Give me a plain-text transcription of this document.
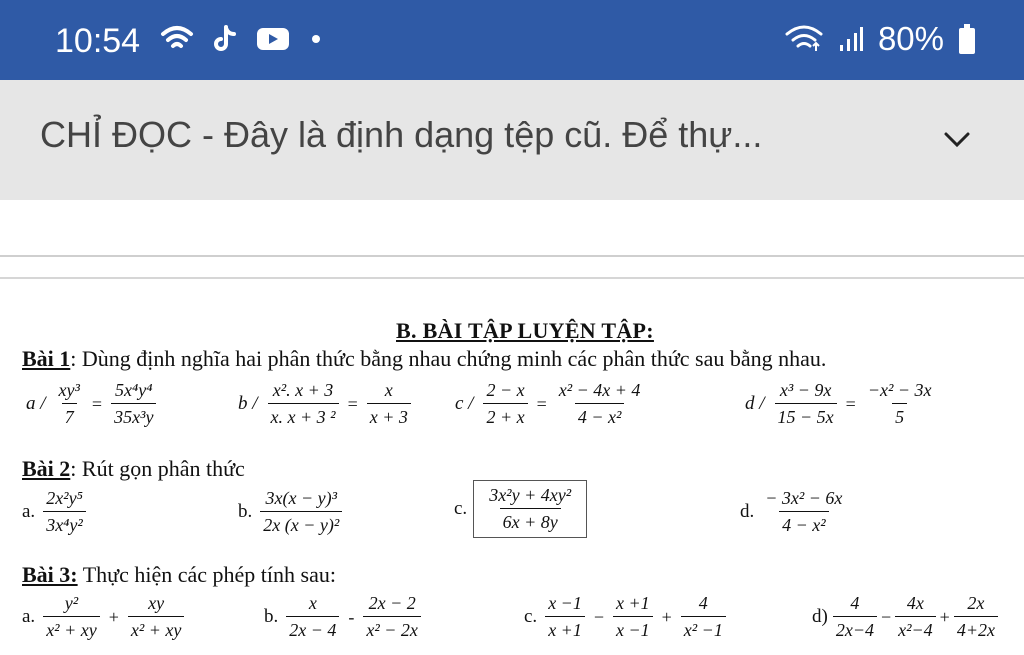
10:54	80%
CHỈ ĐỌC - Đây là định dạng tệp cũ. Để thự...
B. BÀI TẬP LUYỆN TẬP:
Bài 1: Dùng định nghĩa hai phân thức bằng nhau chứng minh các phân thức sau bằng nhau.
$a / \frac{\text{xy³}}{7} = \frac{\text{5x⁴y⁴}}{\text{35x³y}}$	$b / \frac{\text{x². x + 3}}{\text{x. x + 3 ²}} = \frac{x}{x + 3}$ $c / \frac{2 - x}{2 + x} = \frac{\text{x² − 4x + 4}}{\text{4 − x²}}$	$d / \frac{\text{x³ − 9x}}{15 - 5x} = \frac{\text{−x² − 3x}}{5}$
Bài 2: Rút gọn phân thức
a. $\frac{\text{2x²y⁵}}{\text{3x⁴y²}}$	b. $\frac{\text{3x(x − y)³}}{\text{2x (x − y)²}}$	c. $\frac{\text{3x²y + 4xy²}}{6x + 8y}$	d. $\frac{\text{− 3x² − 6x}}{\text{4 − x²}}$
Bài 3: Thực hiện các phép tính sau:
a. $\frac{\text{y²}}{\text{x² + xy}} + \frac{xy}{\text{x² + xy}}$	b. $\frac{x}{2x - 4} - \frac{2x - 2}{\text{x² − 2x}}$	c. $\frac{x -1}{x +1} - \frac{x +1}{x -1} + \frac{4}{\text{x² −1}}$	$d) \frac{4}{2x-4} - \frac{4x}{\text{x²−4}} + \frac{2x}{4+2x}$
